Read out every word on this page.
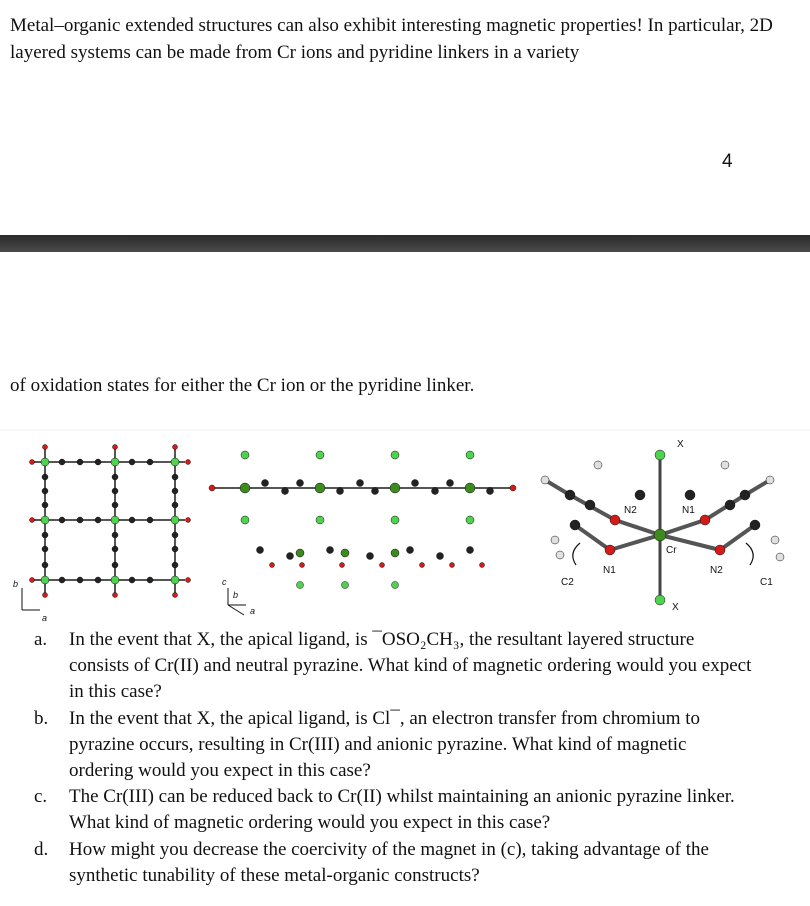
Metal–organic extended structures can also exhibit interesting magnetic properties! In particular, 2D layered systems can be made from Cr ions and pyridine linkers in a variety

4

of oxidation states for either the Cr ion or the pyridine linker.

b
a
c
b
a
X
X
N2	N1
Cr
N1	N2
C2	C1
a. In the event that X, the apical ligand, is ¯OSO₂CH₃, the resultant layered structure consists of Cr(II) and neutral pyrazine. What kind of magnetic ordering would you expect in this case?
b. In the event that X, the apical ligand, is Cl¯, an electron transfer from chromium to pyrazine occurs, resulting in Cr(III) and anionic pyrazine. What kind of magnetic ordering would you expect in this case?
c. The Cr(III) can be reduced back to Cr(II) whilst maintaining an anionic pyrazine linker. What kind of magnetic ordering would you expect in this case?
d. How might you decrease the coercivity of the magnet in (c), taking advantage of the synthetic tunability of these metal-organic constructs?
